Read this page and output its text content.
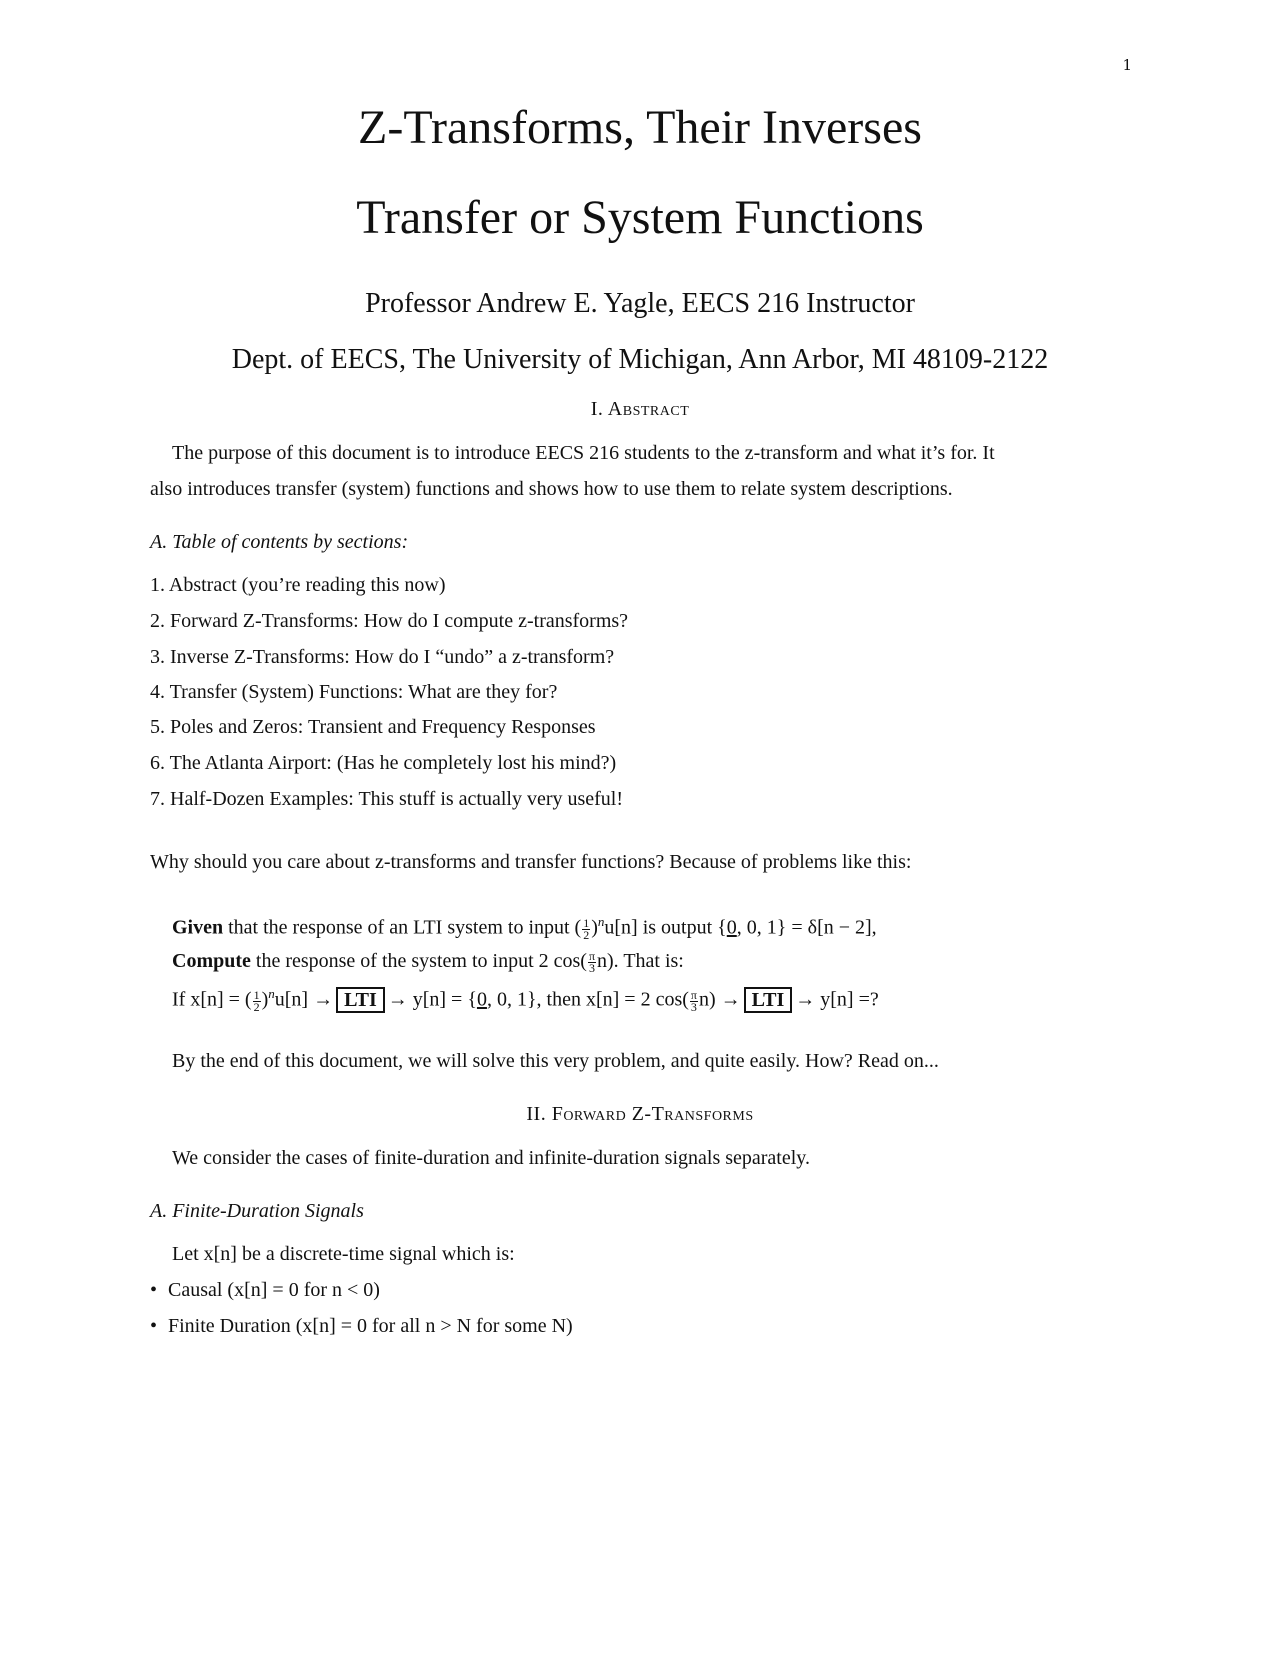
1
Z-Transforms, Their Inverses
Transfer or System Functions
Professor Andrew E. Yagle, EECS 216 Instructor
Dept. of EECS, The University of Michigan, Ann Arbor, MI 48109-2122
I. Abstract
The purpose of this document is to introduce EECS 216 students to the z-transform and what it’s for. It
also introduces transfer (system) functions and shows how to use them to relate system descriptions.
A. Table of contents by sections:
1. Abstract (you’re reading this now)
2. Forward Z-Transforms: How do I compute z-transforms?
3. Inverse Z-Transforms: How do I “undo” a z-transform?
4. Transfer (System) Functions: What are they for?
5. Poles and Zeros: Transient and Frequency Responses
6. The Atlanta Airport: (Has he completely lost his mind?)
7. Half-Dozen Examples: This stuff is actually very useful!
Why should you care about z-transforms and transfer functions? Because of problems like this:
Given that the response of an LTI system to input ( $\frac{1}{2} )^nu[n]$ is output {0, 0, 1} = δ[n − 2],
Compute the response of the system to input 2 $\cos( \frac{\pi}{3} n)$. That is:
If x[n] = ( $\frac{1}{2} )^nu[n]$ → LTI → y[n] = {0, 0, 1}, then x[n] = 2 $\cos( \frac{\pi}{3} n)$ → LTI → y[n] =?
By the end of this document, we will solve this very problem, and quite easily. How? Read on...
II. Forward Z-Transforms
We consider the cases of finite-duration and infinite-duration signals separately.
A. Finite-Duration Signals
Let x[n] be a discrete-time signal which is:
• Causal (x[n] = 0 for n < 0)
• Finite Duration (x[n] = 0 for all n > N for some N)
